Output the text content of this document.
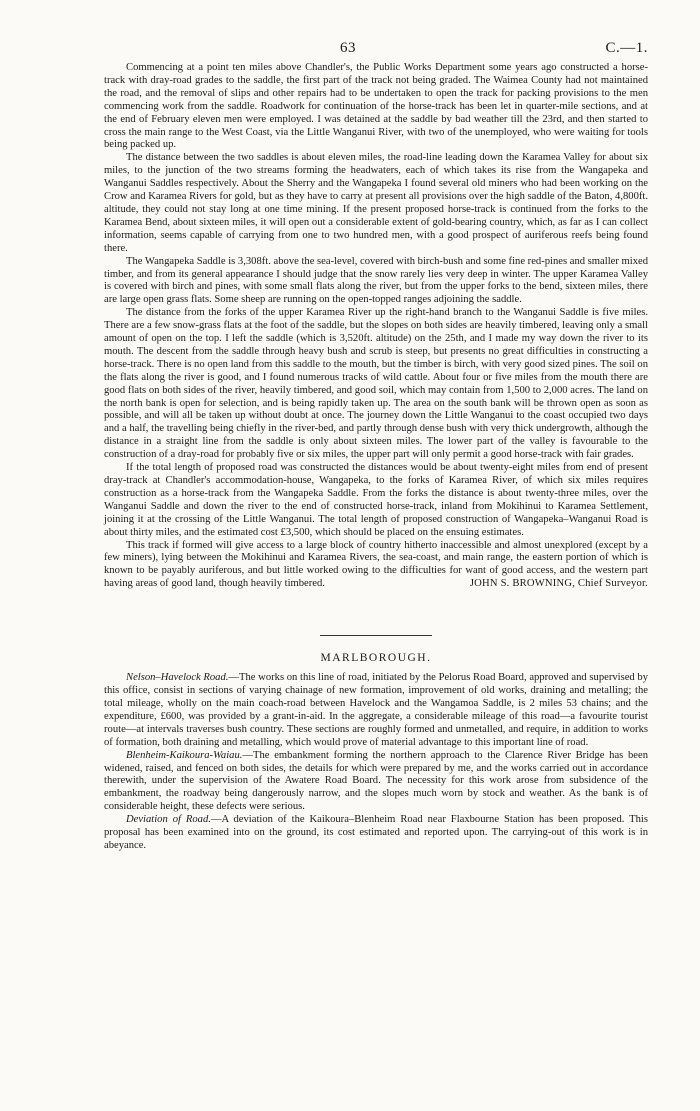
63	C.—1.

Commencing at a point ten miles above Chandler's, the Public Works Department some years ago constructed a horse-track with dray-road grades to the saddle, the first part of the track not being graded. The Waimea County had not maintained the road, and the removal of slips and other repairs had to be undertaken to open the track for packing provisions to the men commencing work from the saddle. Roadwork for continuation of the horse-track has been let in quarter-mile sections, and at the end of February eleven men were employed. I was detained at the saddle by bad weather till the 23rd, and then started to cross the main range to the West Coast, via the Little Wanganui River, with two of the unemployed, who were waiting for tools being packed up.

The distance between the two saddles is about eleven miles, the road-line leading down the Karamea Valley for about six miles, to the junction of the two streams forming the headwaters, each of which takes its rise from the Wangapeka and Wanganui Saddles respectively. About the Sherry and the Wangapeka I found several old miners who had been working on the Crow and Karamea Rivers for gold, but as they have to carry at present all provisions over the high saddle of the Baton, 4,800ft. altitude, they could not stay long at one time mining. If the present proposed horse-track is continued from the forks to the Karamea Bend, about sixteen miles, it will open out a considerable extent of gold-bearing country, which, as far as I can collect information, seems capable of carrying from one to two hundred men, with a good prospect of auriferous reefs being found there.

The Wangapeka Saddle is 3,308ft. above the sea-level, covered with birch-bush and some fine red-pines and smaller mixed timber, and from its general appearance I should judge that the snow rarely lies very deep in winter. The upper Karamea Valley is covered with birch and pines, with some small flats along the river, but from the upper forks to the bend, sixteen miles, there are large open grass flats. Some sheep are running on the open-topped ranges adjoining the saddle.

The distance from the forks of the upper Karamea River up the right-hand branch to the Wanganui Saddle is five miles. There are a few snow-grass flats at the foot of the saddle, but the slopes on both sides are heavily timbered, leaving only a small amount of open on the top. I left the saddle (which is 3,520ft. altitude) on the 25th, and I made my way down the river to its mouth. The descent from the saddle through heavy bush and scrub is steep, but presents no great difficulties in constructing a horse-track. There is no open land from this saddle to the mouth, but the timber is birch, with very good sized pines. The soil on the flats along the river is good, and I found numerous tracks of wild cattle. About four or five miles from the mouth there are good flats on both sides of the river, heavily timbered, and good soil, which may contain from 1,500 to 2,000 acres. The land on the north bank is open for selection, and is being rapidly taken up. The area on the south bank will be thrown open as soon as possible, and will all be taken up without doubt at once. The journey down the Little Wanganui to the coast occupied two days and a half, the travelling being chiefly in the river-bed, and partly through dense bush with very thick undergrowth, although the distance in a straight line from the saddle is only about sixteen miles. The lower part of the valley is favourable to the construction of a dray-road for probably five or six miles, the upper part will only permit a good horse-track with fair grades.

If the total length of proposed road was constructed the distances would be about twenty-eight miles from end of present dray-track at Chandler's accommodation-house, Wangapeka, to the forks of Karamea River, of which six miles requires construction as a horse-track from the Wangapeka Saddle. From the forks the distance is about twenty-three miles, over the Wanganui Saddle and down the river to the end of constructed horse-track, inland from Mokihinui to Karamea Settlement, joining it at the crossing of the Little Wanganui. The total length of proposed construction of Wangapeka–Wanganui Road is about thirty miles, and the estimated cost £3,500, which should be placed on the ensuing estimates.

This track if formed will give access to a large block of country hitherto inaccessible and almost unexplored (except by a few miners), lying between the Mokihinui and Karamea Rivers, the sea-coast, and main range, the eastern portion of which is known to be payably auriferous, and but little worked owing to the difficulties for want of good access, and the western part having areas of good land, though heavily timbered.	JOHN S. BROWNING, Chief Surveyor.

MARLBOROUGH.

Nelson–Havelock Road.—The works on this line of road, initiated by the Pelorus Road Board, approved and supervised by this office, consist in sections of varying chainage of new formation, improvement of old works, draining and metalling; the total mileage, wholly on the main coach-road between Havelock and the Wangamoa Saddle, is 2 miles 53 chains; and the expenditure, £600, was provided by a grant-in-aid. In the aggregate, a considerable mileage of this road—a favourite tourist route—at intervals traverses bush country. These sections are roughly formed and unmetalled, and require, in addition to works of formation, both draining and metalling, which would prove of material advantage to this important line of road.

Blenheim-Kaikoura-Waiau.—The embankment forming the northern approach to the Clarence River Bridge has been widened, raised, and fenced on both sides, the details for which were prepared by me, and the works carried out in accordance therewith, under the supervision of the Awatere Road Board. The necessity for this work arose from subsidence of the embankment, the roadway being dangerously narrow, and the slopes much worn by stock and weather. As the bank is of considerable height, these defects were serious.

Deviation of Road.—A deviation of the Kaikoura–Blenheim Road near Flaxbourne Station has been proposed. This proposal has been examined into on the ground, its cost estimated and reported upon. The carrying-out of this work is in abeyance.
